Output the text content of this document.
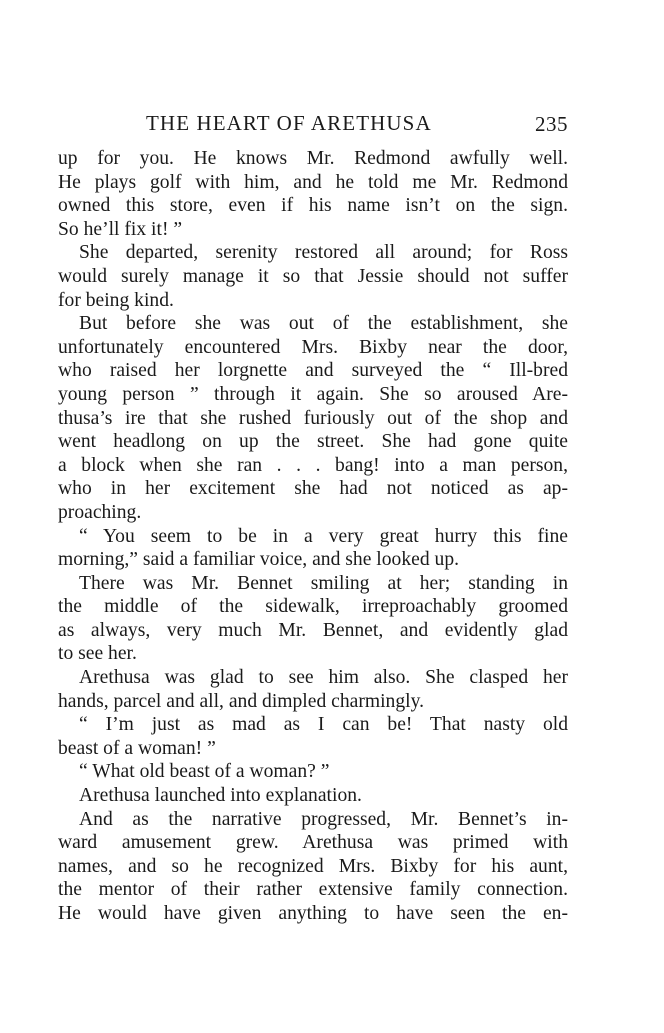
THE HEART OF ARETHUSA	235
up for you. He knows Mr. Redmond awfully well.
He plays golf with him, and he told me Mr. Redmond
owned this store, even if his name isn’t on the sign.
So he’ll fix it! ”
She departed, serenity restored all around; for Ross
would surely manage it so that Jessie should not suffer
for being kind.
But before she was out of the establishment, she
unfortunately encountered Mrs. Bixby near the door,
who raised her lorgnette and surveyed the “ Ill-bred
young person ” through it again. She so aroused Are-
thusa’s ire that she rushed furiously out of the shop and
went headlong on up the street. She had gone quite
a block when she ran . . . bang! into a man person,
who in her excitement she had not noticed as ap-
proaching.
“ You seem to be in a very great hurry this fine
morning,” said a familiar voice, and she looked up.
There was Mr. Bennet smiling at her; standing in
the middle of the sidewalk, irreproachably groomed
as always, very much Mr. Bennet, and evidently glad
to see her.
Arethusa was glad to see him also. She clasped her
hands, parcel and all, and dimpled charmingly.
“ I’m just as mad as I can be! That nasty old
beast of a woman! ”
“ What old beast of a woman? ”
Arethusa launched into explanation.
And as the narrative progressed, Mr. Bennet’s in-
ward amusement grew. Arethusa was primed with
names, and so he recognized Mrs. Bixby for his aunt,
the mentor of their rather extensive family connection.
He would have given anything to have seen the en-
